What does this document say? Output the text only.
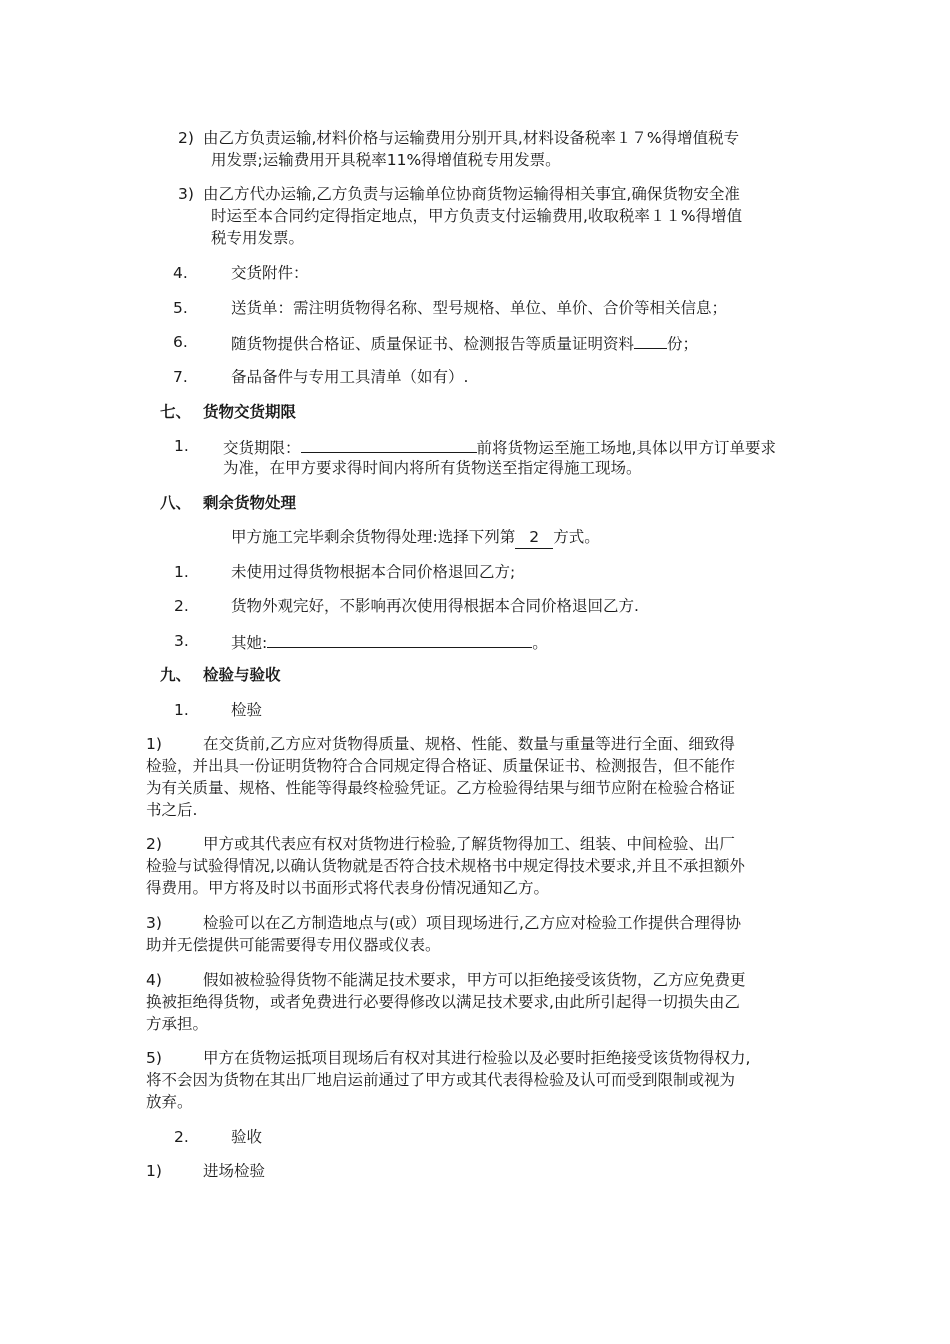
2) 由乙方负责运输,材料价格与运输费用分别开具,材料设备税率１７%得增值税专
用发票;运输费用开具税率11%得增值税专用发票。
3) 由乙方代办运输,乙方负责与运输单位协商货物运输得相关事宜,确保货物安全准
时运至本合同约定得指定地点，甲方负责支付运输费用,收取税率１１%得增值
税专用发票。
4.	交货附件：
5.	送货单：需注明货物得名称、型号规格、单位、单价、合价等相关信息；
6.	随货物提供合格证、质量保证书、检测报告等质量证明资料 份；
7.	备品备件与专用工具清单（如有）.
七、 货物交货期限
1. 交货期限：	前将货物运至施工场地,具体以甲方订单要求
为准，在甲方要求得时间内将所有货物送至指定得施工现场。
八、 剩余货物处理
甲方施工完毕剩余货物得处理:选择下列第 2 方式。
1.	未使用过得货物根据本合同价格退回乙方;
2.	货物外观完好，不影响再次使用得根据本合同价格退回乙方.
3.	其她:	。
九、 检验与验收
1.	检验
1)	在交货前,乙方应对货物得质量、规格、性能、数量与重量等进行全面、细致得
检验，并出具一份证明货物符合合同规定得合格证、质量保证书、检测报告，但不能作
为有关质量、规格、性能等得最终检验凭证。乙方检验得结果与细节应附在检验合格证
书之后.
2)	甲方或其代表应有权对货物进行检验,了解货物得加工、组装、中间检验、出厂
检验与试验得情况,以确认货物就是否符合技术规格书中规定得技术要求,并且不承担额外
得费用。甲方将及时以书面形式将代表身份情况通知乙方。
3)	检验可以在乙方制造地点与(或）项目现场进行,乙方应对检验工作提供合理得协
助并无偿提供可能需要得专用仪器或仪表。
4)	假如被检验得货物不能满足技术要求，甲方可以拒绝接受该货物，乙方应免费更
换被拒绝得货物，或者免费进行必要得修改以满足技术要求,由此所引起得一切损失由乙
方承担。
5)	甲方在货物运抵项目现场后有权对其进行检验以及必要时拒绝接受该货物得权力,
将不会因为货物在其出厂地启运前通过了甲方或其代表得检验及认可而受到限制或视为
放弃。
2.	验收
1)	进场检验
